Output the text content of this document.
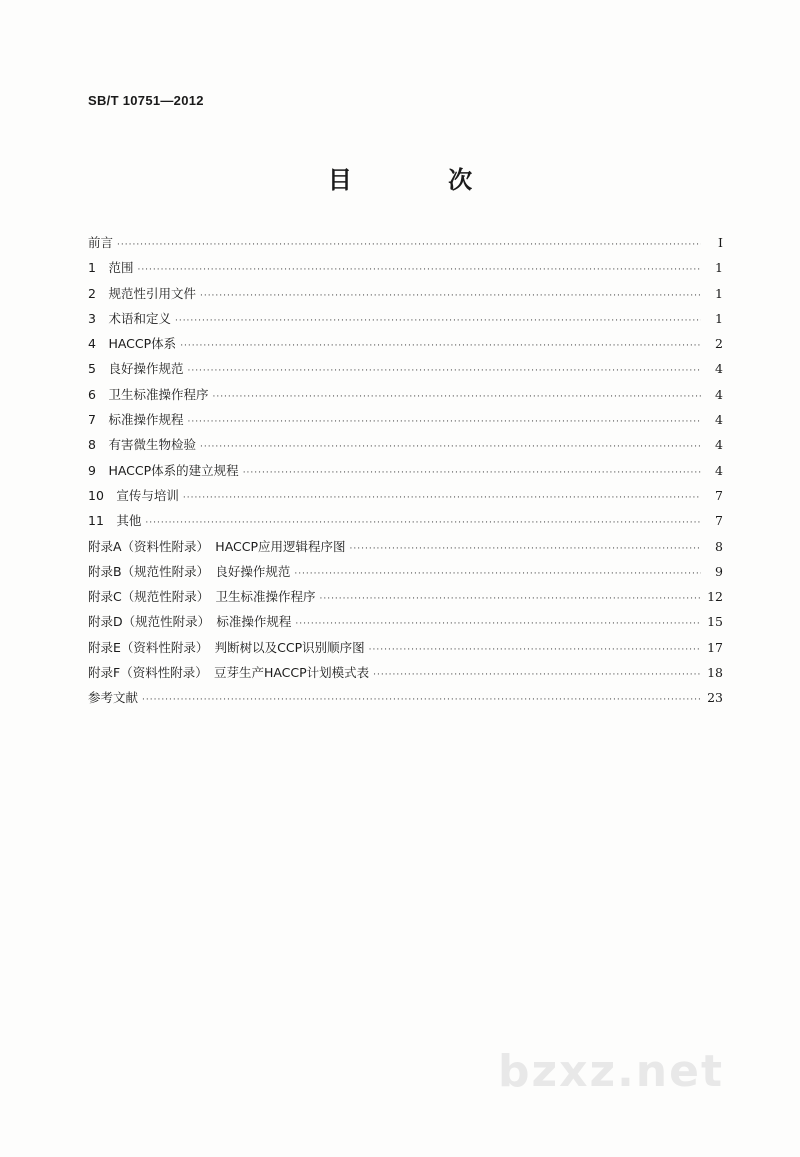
SB/T 10751—2012
目 次
前言 ·····	I
1　范围 ·····	1
2　规范性引用文件 ·····	1
3　术语和定义 ·····	1
4　HACCP体系 ·····	2
5　良好操作规范 ·····	4
6　卫生标准操作程序 ·····	4
7　标准操作规程 ·····	4
8　有害微生物检验 ·····	4
9　HACCP体系的建立规程 ·····	4
10　宣传与培训 ·····	7
11　其他 ·····	7
附录A（资料性附录）　HACCP应用逻辑程序图 ·····	8
附录B（规范性附录）　良好操作规范 ·····	9
附录C（规范性附录）　卫生标准操作程序 ·····	12
附录D（规范性附录）　标准操作规程 ·····	15
附录E（资料性附录）　判断树以及CCP识别顺序图 ·····	17
附录F（资料性附录）　豆芽生产HACCP计划模式表 ·····	18
参考文献 ·····	23
bzxz.net
